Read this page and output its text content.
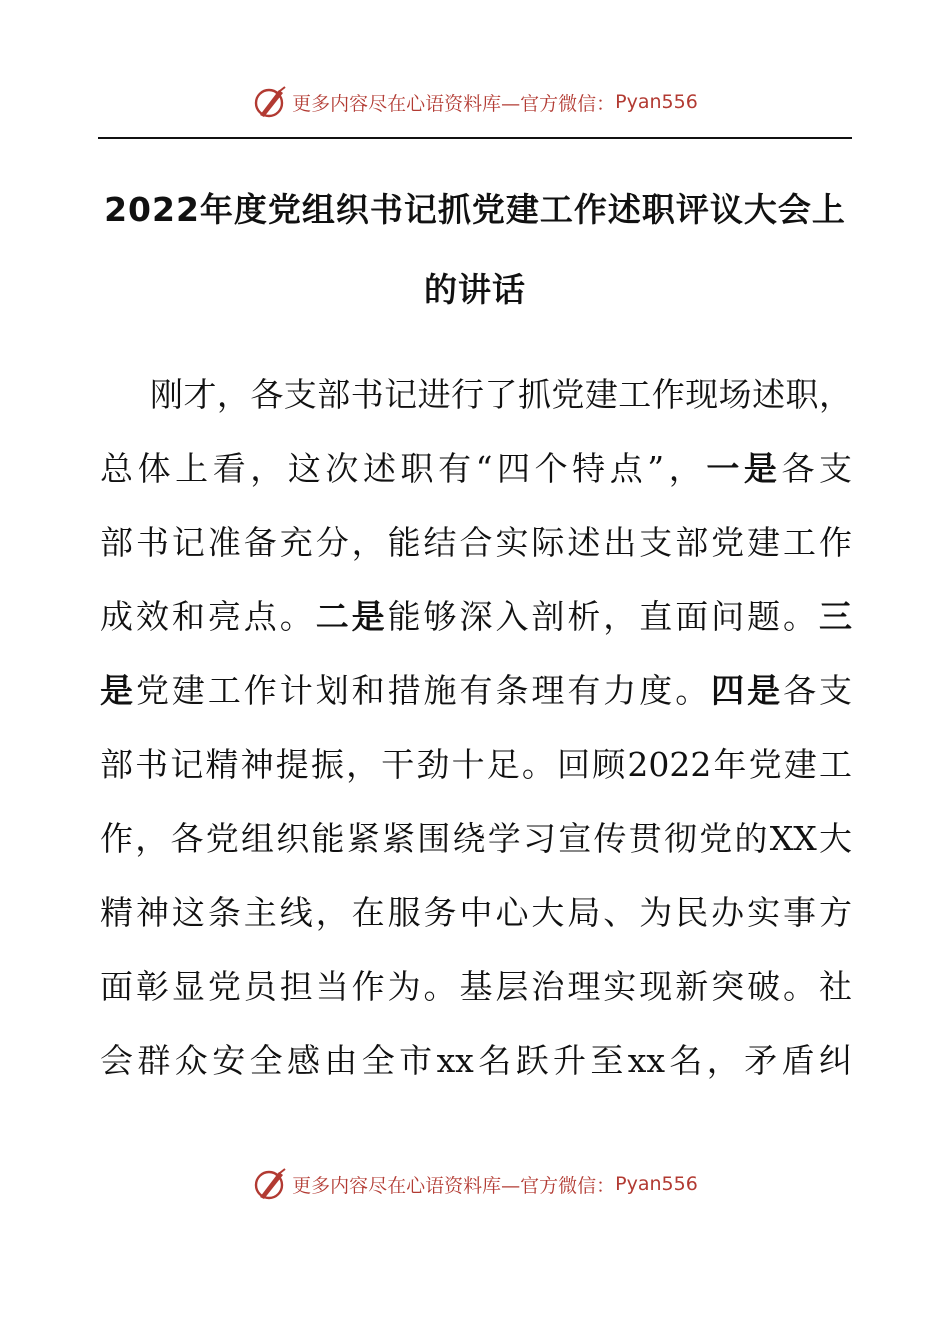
更多内容尽在心语资料库—官方微信： Pyan556
2022年度党组织书记抓党建工作述职评议大会上
的讲话
刚才，各支部书记进行了抓党建工作现场述职，
总体上看，这次述职有“四个特点”，一是各支
部书记准备充分，能结合实际述出支部党建工作
成效和亮点。二是能够深入剖析，直面问题。三
是党建工作计划和措施有条理有力度。四是各支
部书记精神提振，干劲十足。回顾2022年党建工
作，各党组织能紧紧围绕学习宣传贯彻党的XX大
精神这条主线，在服务中心大局、为民办实事方
面彰显党员担当作为。基层治理实现新突破。社
会群众安全感由全市xx名跃升至xx名，矛盾纠
更多内容尽在心语资料库—官方微信： Pyan556
